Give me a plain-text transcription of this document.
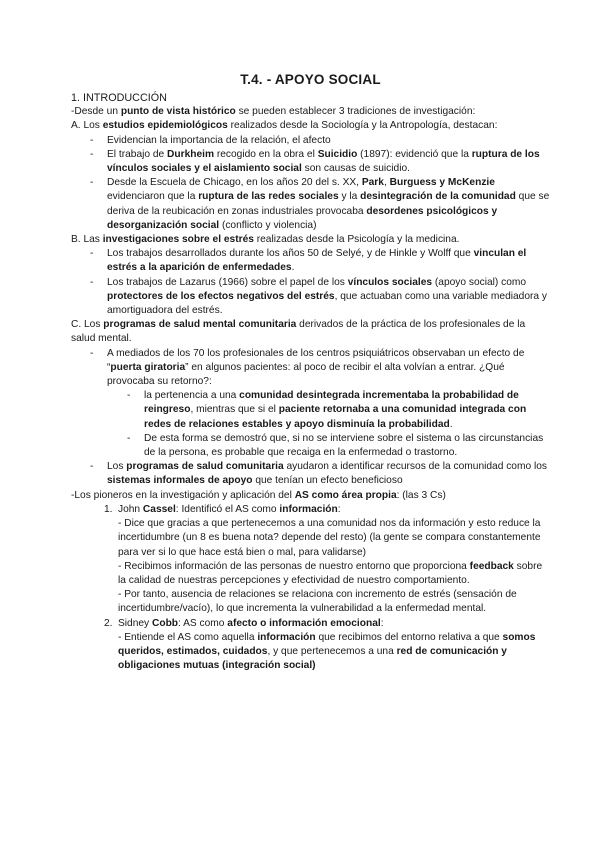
T.4. - APOYO SOCIAL

1. INTRODUCCIÓN

-Desde un punto de vista histórico se pueden establecer 3 tradiciones de investigación:

A. Los estudios epidemiológicos realizados desde la Sociología y la Antropología, destacan:

- Evidencian la importancia de la relación, el afecto

- El trabajo de Durkheim recogido en la obra el Suicidio (1897): evidenció que la ruptura de los vínculos sociales y el aislamiento social son causas de suicidio.

- Desde la Escuela de Chicago, en los años 20 del s. XX, Park, Burguess y McKenzie evidenciaron que la ruptura de las redes sociales y la desintegración de la comunidad que se deriva de la reubicación en zonas industriales provocaba desordenes psicológicos y desorganización social (conflicto y violencia)

B. Las investigaciones sobre el estrés realizadas desde la Psicología y la medicina.

- Los trabajos desarrollados durante los años 50 de Selyé, y de Hinkle y Wolff que vinculan el estrés a la aparición de enfermedades.

- Los trabajos de Lazarus (1966) sobre el papel de los vínculos sociales (apoyo social) como protectores de los efectos negativos del estrés, que actuaban como una variable mediadora y amortiguadora del estrés.

C. Los programas de salud mental comunitaria derivados de la práctica de los profesionales de la salud mental.

- A mediados de los 70 los profesionales de los centros psiquiátricos observaban un efecto de “puerta giratoria” en algunos pacientes: al poco de recibir el alta volvían a entrar. ¿Qué provocaba su retorno?:

- la pertenencia a una comunidad desintegrada incrementaba la probabilidad de reingreso, mientras que si el paciente retornaba a una comunidad integrada con redes de relaciones estables y apoyo disminuía la probabilidad.

- De esta forma se demostró que, si no se interviene sobre el sistema o las circunstancias de la persona, es probable que recaiga en la enfermedad o trastorno.

- Los programas de salud comunitaria ayudaron a identificar recursos de la comunidad como los sistemas informales de apoyo que tenían un efecto beneficioso

-Los pioneros en la investigación y aplicación del AS como área propia: (las 3 Cs)

1. John Cassel: Identificó el AS como información:

- Dice que gracias a que pertenecemos a una comunidad nos da información y esto reduce la incertidumbre (un 8 es buena nota? depende del resto) (la gente se compara constantemente para ver si lo que hace está bien o mal, para validarse)

- Recibimos información de las personas de nuestro entorno que proporciona feedback sobre la calidad de nuestras percepciones y efectividad de nuestro comportamiento.

- Por tanto, ausencia de relaciones se relaciona con incremento de estrés (sensación de incertidumbre/vacío), lo que incrementa la vulnerabilidad a la enfermedad mental.

2. Sidney Cobb: AS como afecto o información emocional:

- Entiende el AS como aquella información que recibimos del entorno relativa a que somos queridos, estimados, cuidados, y que pertenecemos a una red de comunicación y obligaciones mutuas (integración social)
